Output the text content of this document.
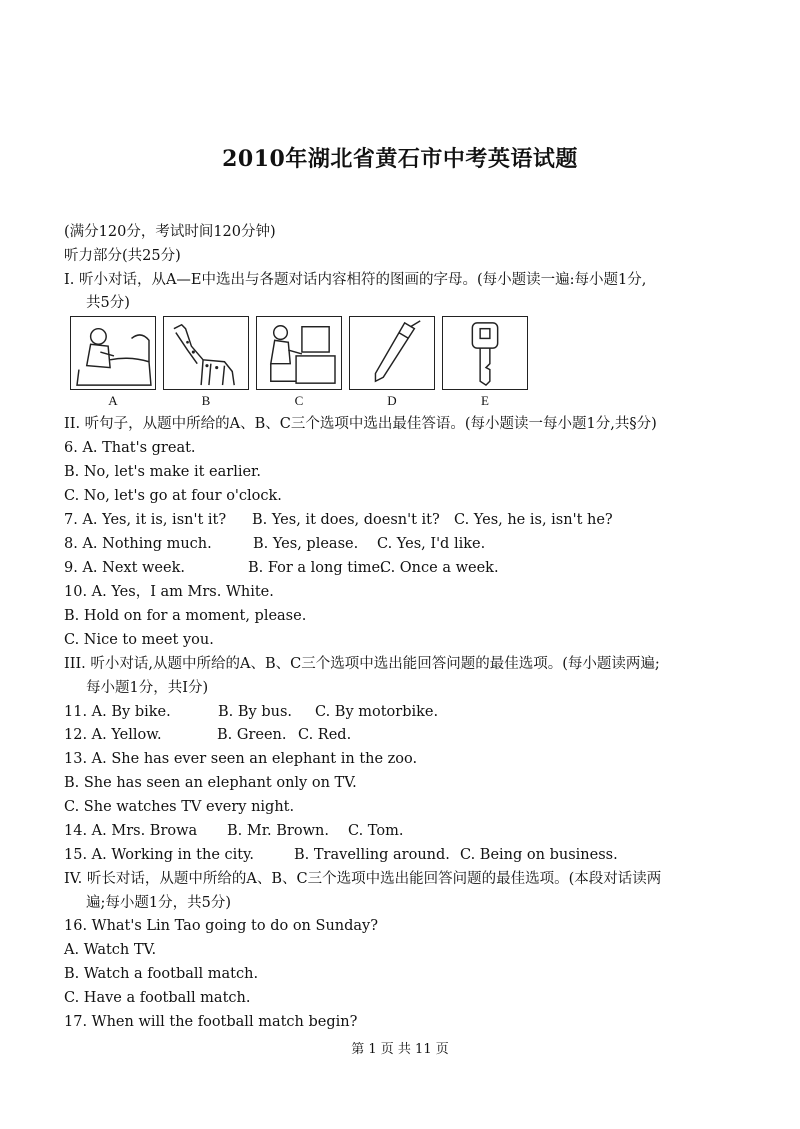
2010年湖北省黄石市中考英语试题
(满分120分，考试时间120分钟)
听力部分(共25分)
I. 听小对话，从A—E中选出与各题对话内容相符的图画的字母。(每小题读一遍:每小题1分,
共5分)
A	B	C	D	E
II. 听句子，从题中所给的A、B、C三个选项中选出最佳答语。(每小题读一每小题1分,共§分)
6. A. That's great.
B. No, let's make it earlier.
C. No, let's go at four o'clock.
7. A. Yes, it is, isn't it?	B. Yes, it does, doesn't it? C. Yes, he is, isn't he?
8. A. Nothing much.	B. Yes, please.	C. Yes, I'd like.
9. A. Next week.	B. For a long time.
C. Once a week.
10. A. Yes，I am Mrs. White.
B. Hold on for a moment, please.
C. Nice to meet you.
III. 听小对话,从题中所给的A、B、C三个选项中选出能回答问题的最佳选项。(每小题读两遍;
每小题1分，共I分)
11. A. By bike.	B. By bus.	C. By motorbike.
12. A. Yellow.	B. Green. C. Red.
13. A. She has ever seen an elephant in the zoo.
B. She has seen an elephant only on TV.
C. She watches TV every night.
14. A. Mrs. Browa	B. Mr. Brown.	C. Tom.
15. A. Working in the city.	B. Travelling around. C. Being on business.
IV. 听长对话，从题中所给的A、B、C三个选项中选出能回答问题的最佳选项。(本段对话读两
遍;每小题1分，共5分)
16. What's Lin Tao going to do on Sunday?
A. Watch TV.
B. Watch a football match.
C. Have a football match.
17. When will the football match begin?
第 1 页 共 11 页
